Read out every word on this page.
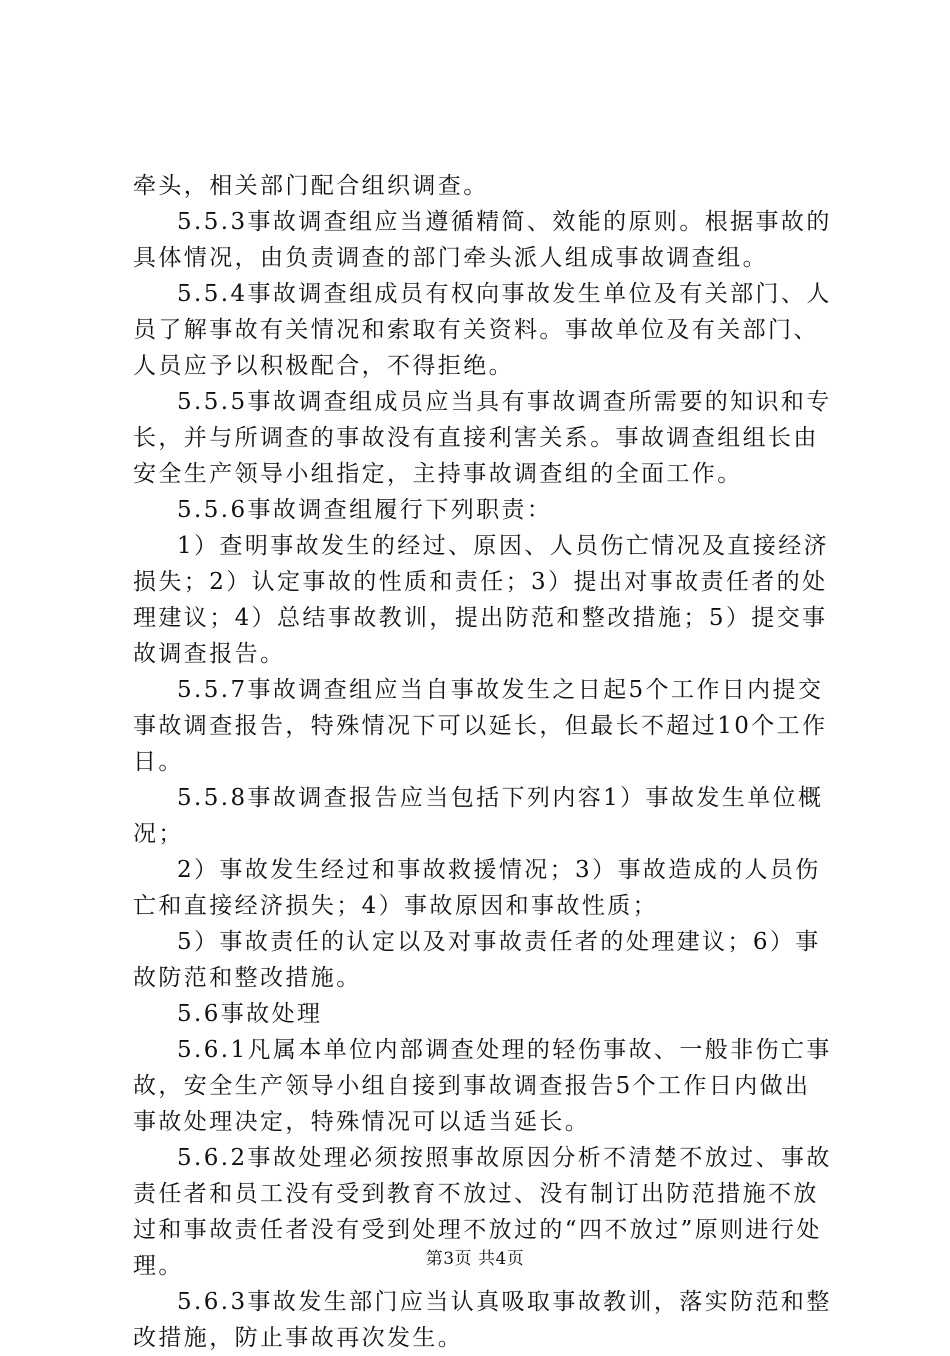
牵头，相关部门配合组织调查。

5.5.3事故调查组应当遵循精简、效能的原则。根据事故的具体情况，由负责调查的部门牵头派人组成事故调查组。

5.5.4事故调查组成员有权向事故发生单位及有关部门、人员了解事故有关情况和索取有关资料。事故单位及有关部门、人员应予以积极配合，不得拒绝。

5.5.5事故调查组成员应当具有事故调查所需要的知识和专长，并与所调查的事故没有直接利害关系。事故调查组组长由安全生产领导小组指定，主持事故调查组的全面工作。

5.5.6事故调查组履行下列职责：

1）查明事故发生的经过、原因、人员伤亡情况及直接经济损失；2）认定事故的性质和责任；3）提出对事故责任者的处理建议；4）总结事故教训，提出防范和整改措施；5）提交事故调查报告。

5.5.7事故调查组应当自事故发生之日起5个工作日内提交事故调查报告，特殊情况下可以延长，但最长不超过10个工作日。

5.5.8事故调查报告应当包括下列内容1）事故发生单位概况；

2）事故发生经过和事故救援情况；3）事故造成的人员伤亡和直接经济损失；4）事故原因和事故性质；

5）事故责任的认定以及对事故责任者的处理建议；6）事故防范和整改措施。

5.6事故处理

5.6.1凡属本单位内部调查处理的轻伤事故、一般非伤亡事故，安全生产领导小组自接到事故调查报告5个工作日内做出事故处理决定，特殊情况可以适当延长。

5.6.2事故处理必须按照事故原因分析不清楚不放过、事故责任者和员工没有受到教育不放过、没有制订出防范措施不放过和事故责任者没有受到处理不放过的“四不放过”原则进行处理。

5.6.3事故发生部门应当认真吸取事故教训，落实防范和整改措施，防止事故再次发生。

第3页 共4页
